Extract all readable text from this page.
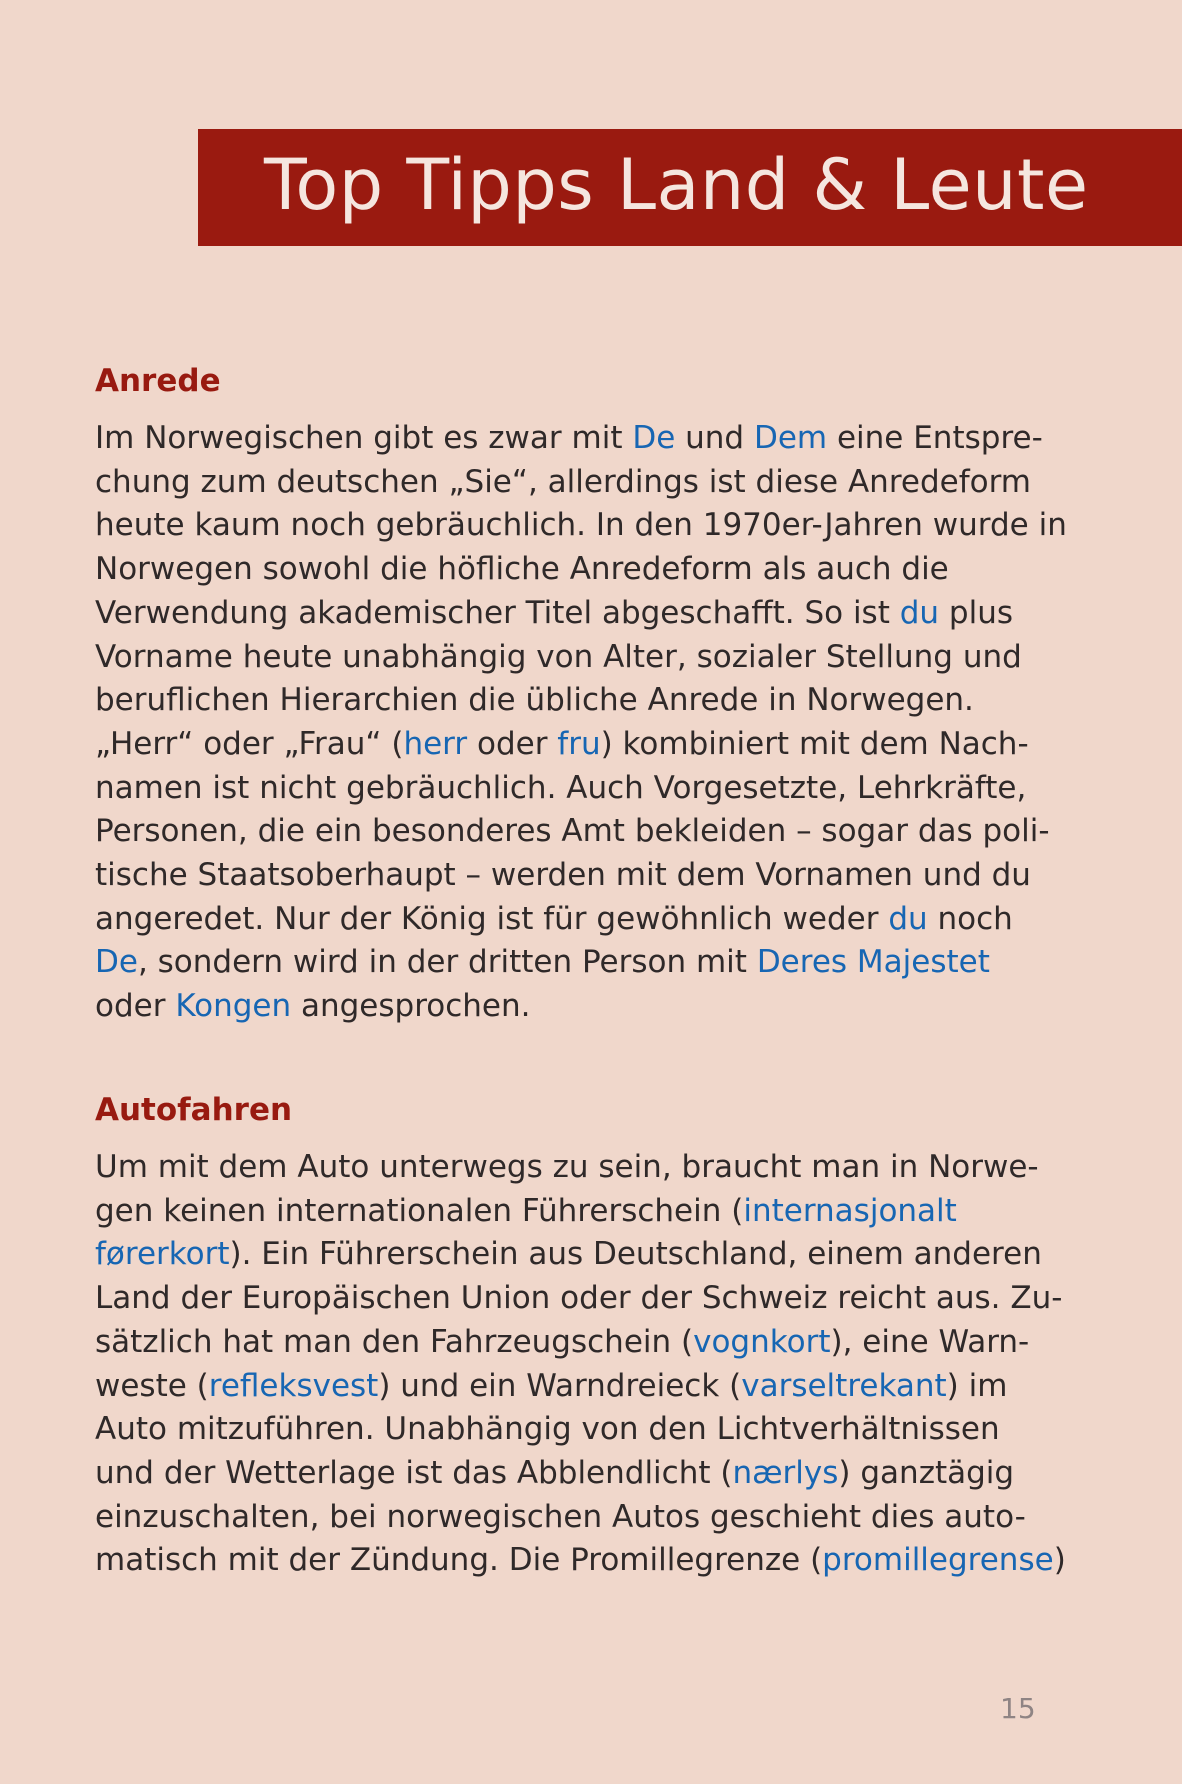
Top Tipps Land & Leute
Anrede
Im Norwegischen gibt es zwar mit De und Dem eine Entspre-
chung zum deutschen „Sie“, allerdings ist diese Anredeform
heute kaum noch gebräuchlich. In den 1970er-Jahren wurde in
Norwegen sowohl die höfliche Anredeform als auch die
Verwendung akademischer Titel abgeschafft. So ist du plus
Vorname heute unabhängig von Alter, sozialer Stellung und
beruflichen Hierarchien die übliche Anrede in Norwegen.
„Herr“ oder „Frau“ (herr oder fru) kombiniert mit dem Nach-
namen ist nicht gebräuchlich. Auch Vorgesetzte, Lehrkräfte,
Personen, die ein besonderes Amt bekleiden – sogar das poli-
tische Staatsoberhaupt – werden mit dem Vornamen und du
angeredet. Nur der König ist für gewöhnlich weder du noch
De, sondern wird in der dritten Person mit Deres Majestet
oder Kongen angesprochen.
Autofahren
Um mit dem Auto unterwegs zu sein, braucht man in Norwe-
gen keinen internationalen Führerschein (internasjonalt
førerkort). Ein Führerschein aus Deutschland, einem anderen
Land der Europäischen Union oder der Schweiz reicht aus. Zu-
sätzlich hat man den Fahrzeugschein (vognkort), eine Warn-
weste (refleksvest) und ein Warndreieck (varseltrekant) im
Auto mitzuführen. Unabhängig von den Lichtverhältnissen
und der Wetterlage ist das Abblendlicht (nærlys) ganztägig
einzuschalten, bei norwegischen Autos geschieht dies auto-
matisch mit der Zündung. Die Promillegrenze (promillegrense)
15
